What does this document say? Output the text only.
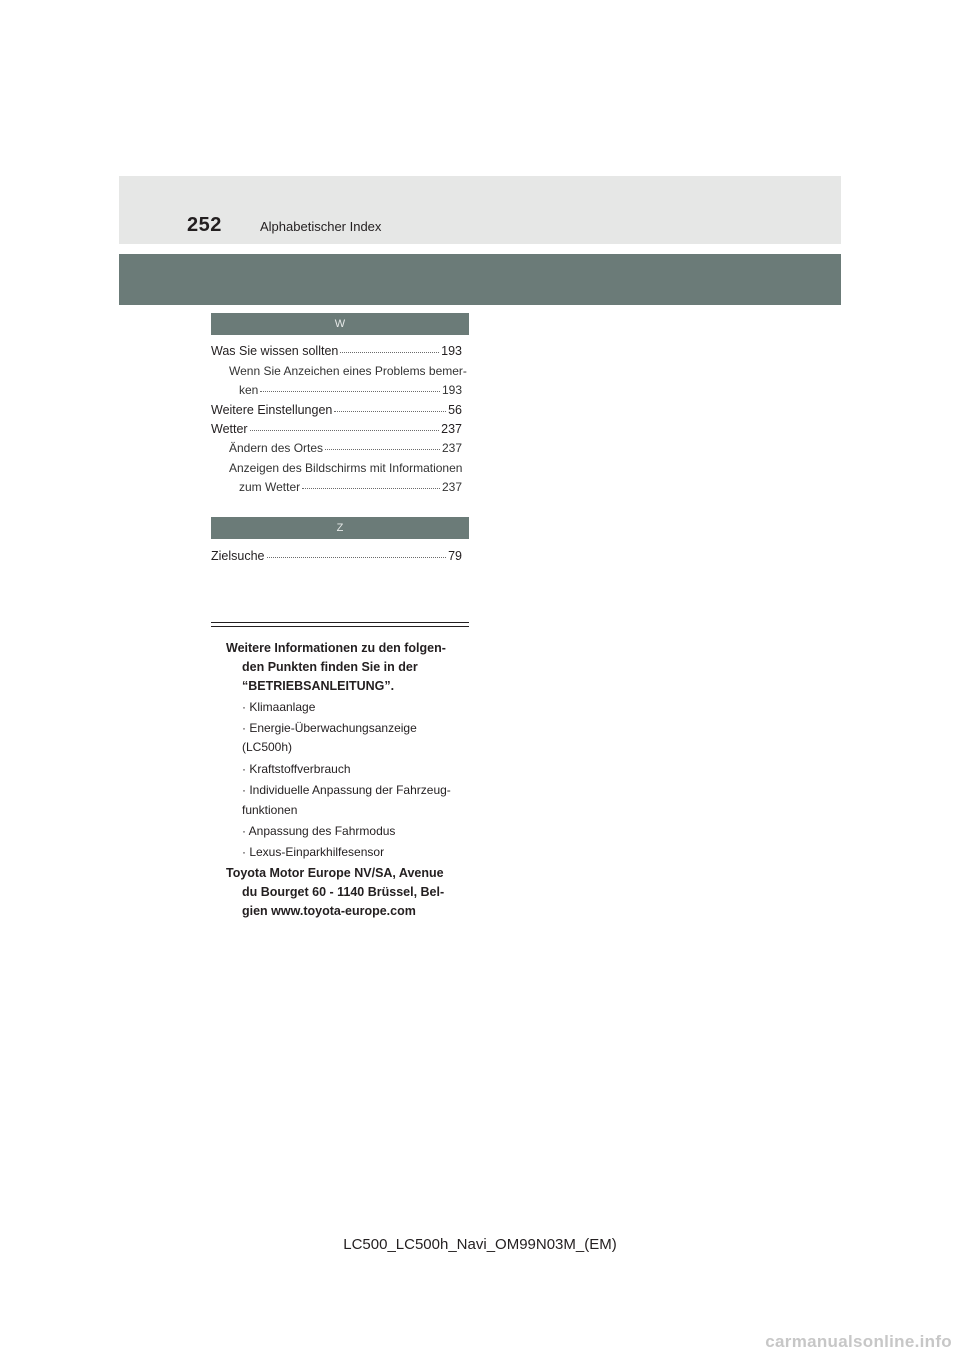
252	Alphabetischer Index
W
Was Sie wissen sollten	193
Wenn Sie Anzeichen eines Problems bemer-
ken	193
Weitere Einstellungen	56
Wetter	237
Ändern des Ortes	237
Anzeigen des Bildschirms mit Informationen
zum Wetter	237
Z
Zielsuche	79
Weitere Informationen zu den folgen-
den Punkten finden Sie in der
“BETRIEBSANLEITUNG”.
· Klimaanlage
· Energie-Überwachungsanzeige
(LC500h)
· Kraftstoffverbrauch
· Individuelle Anpassung der Fahrzeug-
funktionen
· Anpassung des Fahrmodus
· Lexus-Einparkhilfesensor
Toyota Motor Europe NV/SA, Avenue
du Bourget 60 - 1140 Brüssel, Bel-
gien www.toyota-europe.com
LC500_LC500h_Navi_OM99N03M_(EM)
carmanualsonline.info
